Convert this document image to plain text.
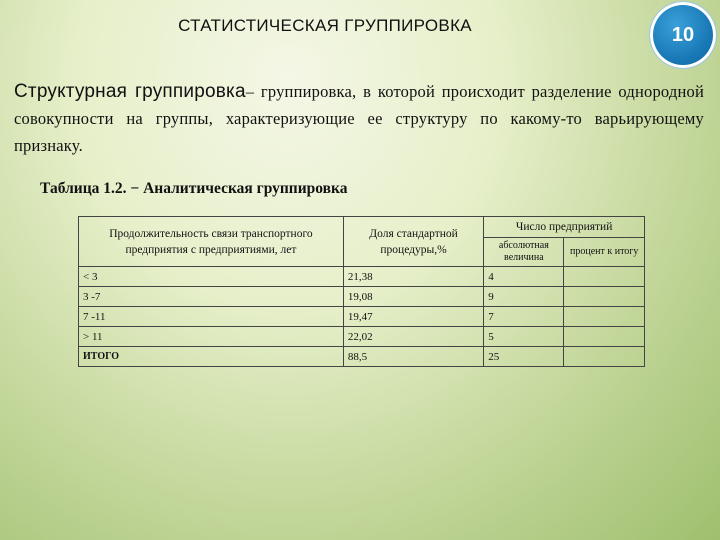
СТАТИСТИЧЕСКАЯ ГРУППИРОВКА	10
Структурная группировка– группировка, в которой происходит разделение однородной совокупности на группы, характеризующие ее структуру по какому-то варьирующему признаку.
Таблица 1.2. − Аналитическая группировка
Продолжительность связи транспортного предприятия с предприятиями, лет	Доля стандартной процедуры,%	Число предприятий	
		абсолютная величина	процент к итогу
< 3	21,38	4	
3 -7	19,08	9	
7 -11	19,47	7	
> 11	22,02	5	
ИТОГО	88,5	25	
